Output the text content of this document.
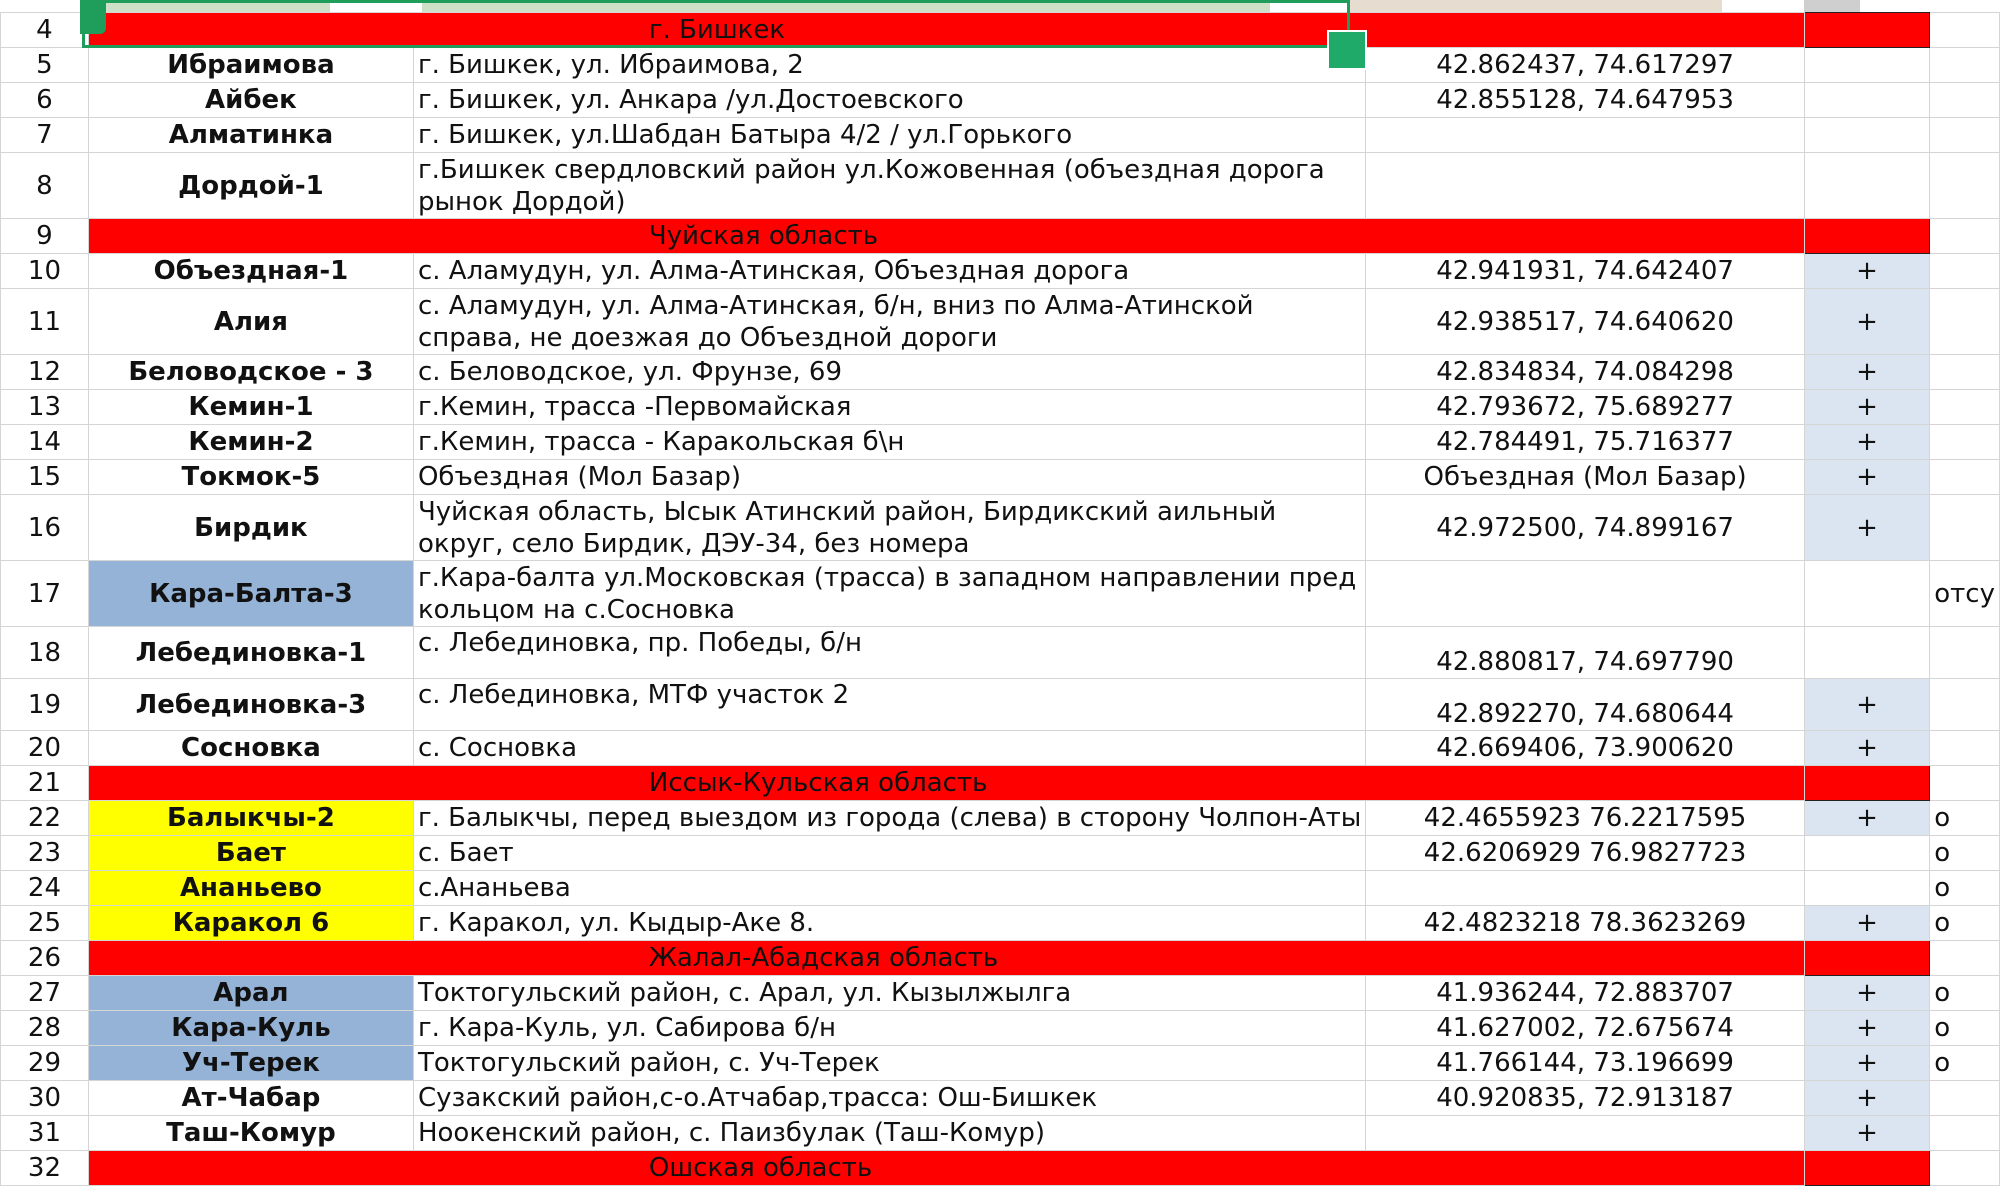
4	г. Бишкек				
5	Ибраимова	г. Бишкек, ул. Ибраимова, 2	42.862437, 74.617297		
6	Айбек	г. Бишкек, ул. Анкара /ул.Достоевского	42.855128, 74.647953		
7	Алматинка	г. Бишкек, ул.Шабдан Батыра 4/2 / ул.Горького			
8	Дордой-1	г.Бишкек свердловский район ул.Кожовенная (объездная дорога рынок Дордой)			
9	Чуйская область				
10	Объездная-1	с. Аламудун, ул. Алма-Атинская, Объездная дорога	42.941931, 74.642407	+	
11	Алия	с. Аламудун, ул. Алма-Атинская, б/н, вниз по Алма-Атинской справа, не доезжая до Объездной дороги	42.938517, 74.640620	+	
12	Беловодское - 3	с. Беловодское, ул. Фрунзе, 69	42.834834, 74.084298	+	
13	Кемин-1	г.Кемин, трасса -Первомайская	42.793672, 75.689277	+	
14	Кемин-2	г.Кемин, трасса - Каракольская б\н	42.784491, 75.716377	+	
15	Токмок-5	Объездная (Мол Базар)	Объездная (Мол Базар)	+	
16	Бирдик	Чуйская область, Ысык Атинский район, Бирдикский аильный округ, село Бирдик, ДЭУ-34, без номера	42.972500, 74.899167	+	
17	Кара-Балта-3	г.Кара-балта ул.Московская (трасса) в западном направлении пред кольцом на с.Сосновка			отсу
18	Лебединовка-1	с. Лебединовка, пр. Победы, б/н	42.880817, 74.697790		
19	Лебединовка-3	с. Лебединовка, МТФ участок 2	42.892270, 74.680644	+	
20	Сосновка	с. Сосновка	42.669406, 73.900620	+	
21	Иссык-Кульская область				
22	Балыкчы-2	г. Балыкчы, перед выездом из города (слева) в сторону Чолпон-Аты	42.4655923 76.2217595	+	о
23	Бает	с. Бает	42.6206929 76.9827723		о
24	Ананьево	с.Ананьева			о
25	Каракол 6	г. Каракол, ул. Кыдыр-Аке 8.	42.4823218 78.3623269	+	о
26	Жалал-Абадская область				
27	Арал	Токтогульский район, с. Арал, ул. Кызылжылга	41.936244, 72.883707	+	о
28	Кара-Куль	г. Кара-Куль, ул. Сабирова б/н	41.627002, 72.675674	+	о
29	Уч-Терек	Токтогульский район, с. Уч-Терек	41.766144, 73.196699	+	о
30	Ат-Чабар	Сузакский район,с-о.Атчабар,трасса: Ош-Бишкек	40.920835, 72.913187	+	
31	Таш-Комур	Ноокенский район, с. Паизбулак (Таш-Комур)		+	
32	Ошская область				
